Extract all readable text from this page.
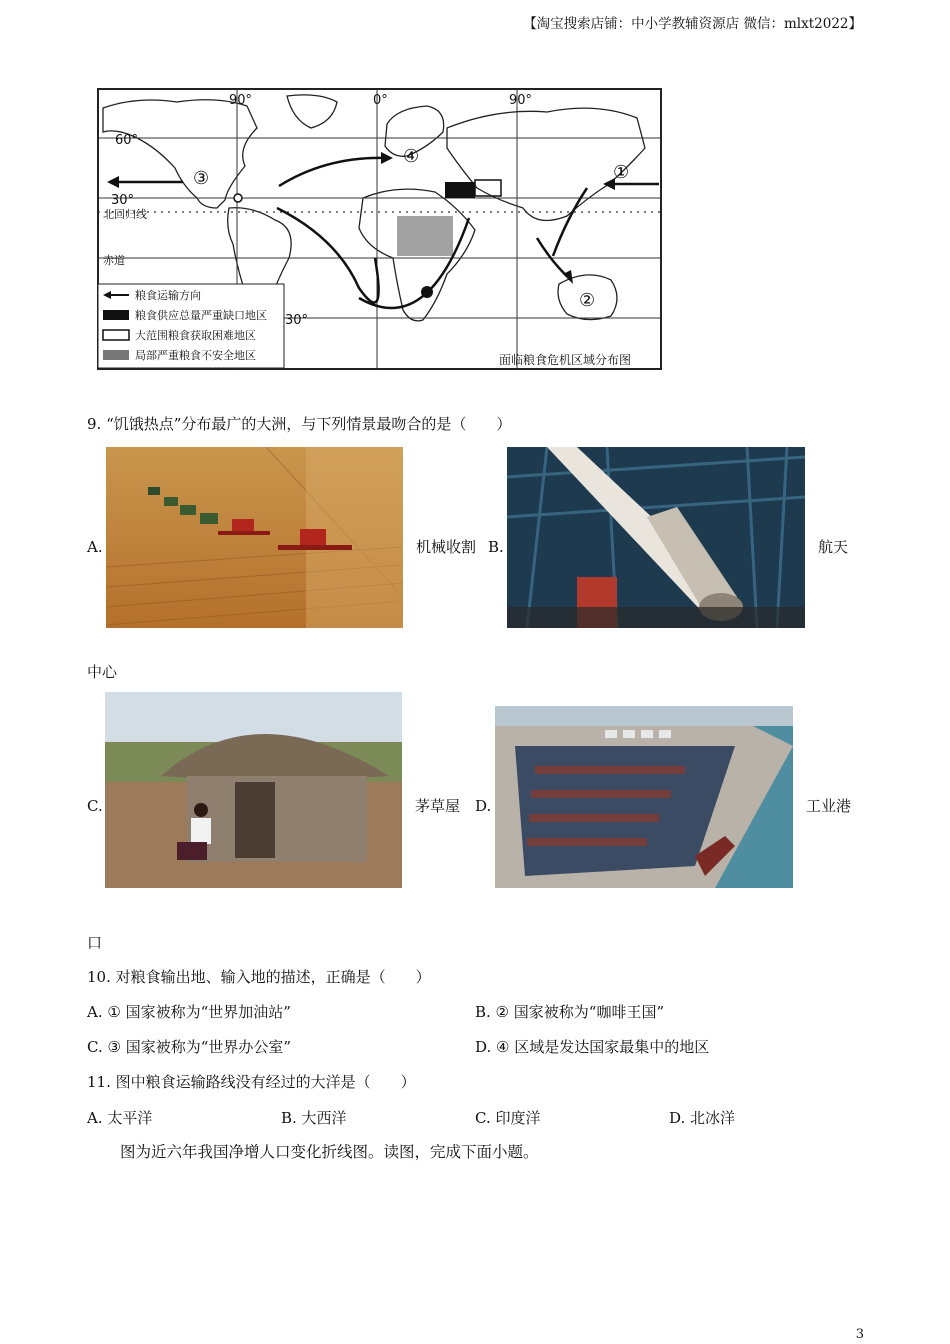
【淘宝搜索店铺：中小学教辅资源店 微信：mlxt2022】
90°	0°	90°
60°
30°
30°
北回归线
赤道
①
②
③
④
粮食运输方向
粮食供应总量严重缺口地区
大范围粮食获取困难地区
局部严重粮食不安全地区	面临粮食危机区域分布图
9. “饥饿热点”分布最广的大洲，与下列情景最吻合的是（　　）
A.	机械收割 B.	航天
中心
C.	茅草屋 D.	工业港
口
10. 对粮食输出地、输入地的描述，正确是（　　）
A. ① 国家被称为“世界加油站”	B. ② 国家被称为“咖啡王国”
C. ③ 国家被称为“世界办公室”	D. ④ 区域是发达国家最集中的地区
11. 图中粮食运输路线没有经过的大洋是（　　）
A. 太平洋	B. 大西洋	C. 印度洋	D. 北冰洋
图为近六年我国净增人口变化折线图。读图，完成下面小题。
3
